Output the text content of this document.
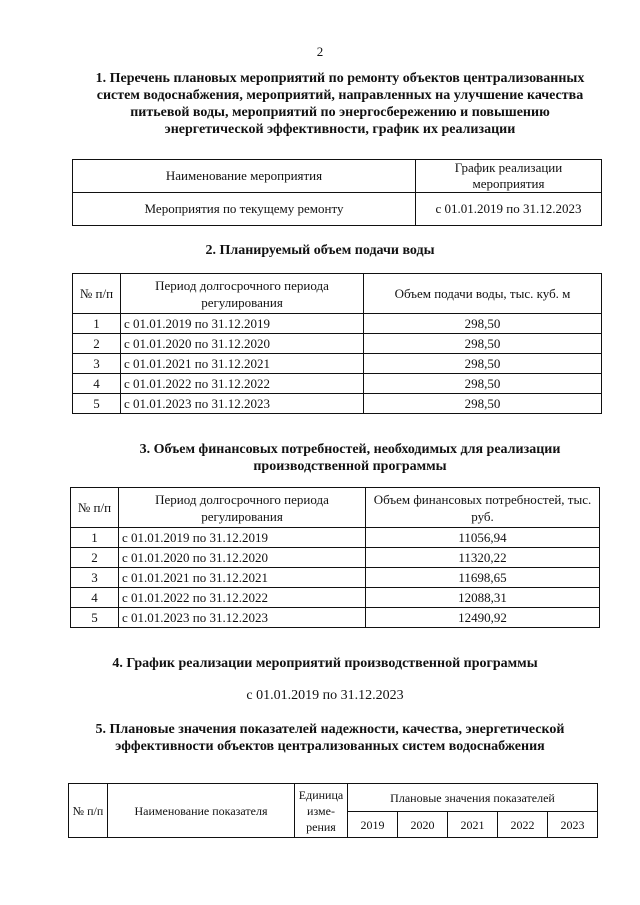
2
1. Перечень плановых мероприятий по ремонту объектов централизованных систем водоснабжения, мероприятий, направленных на улучшение качества питьевой воды, мероприятий по энергосбережению и повышению энергетической эффективности, график их реализации
Наименование мероприятия	График реализации мероприятия
Мероприятия по текущему ремонту	с 01.01.2019 по 31.12.2023
2. Планируемый объем подачи воды
№ п/п	Период долгосрочного периода регулирования	Объем подачи воды, тыс. куб. м
1	с 01.01.2019 по 31.12.2019	298,50
2	с 01.01.2020 по 31.12.2020	298,50
3	с 01.01.2021 по 31.12.2021	298,50
4	с 01.01.2022 по 31.12.2022	298,50
5	с 01.01.2023 по 31.12.2023	298,50
3. Объем финансовых потребностей, необходимых для реализации производственной программы
№ п/п	Период долгосрочного периода регулирования	Объем финансовых потребностей, тыс. руб.
1	с 01.01.2019 по 31.12.2019	11056,94
2	с 01.01.2020 по 31.12.2020	11320,22
3	с 01.01.2021 по 31.12.2021	11698,65
4	с 01.01.2022 по 31.12.2022	12088,31
5	с 01.01.2023 по 31.12.2023	12490,92
4. График реализации мероприятий производственной программы
с 01.01.2019 по 31.12.2023
5. Плановые значения показателей надежности, качества, энергетической эффективности объектов централизованных систем водоснабжения
№ п/п	Наименование показателя	Единица изме-рения	Плановые значения показателей				
			2019	2020	2021	2022	2023
